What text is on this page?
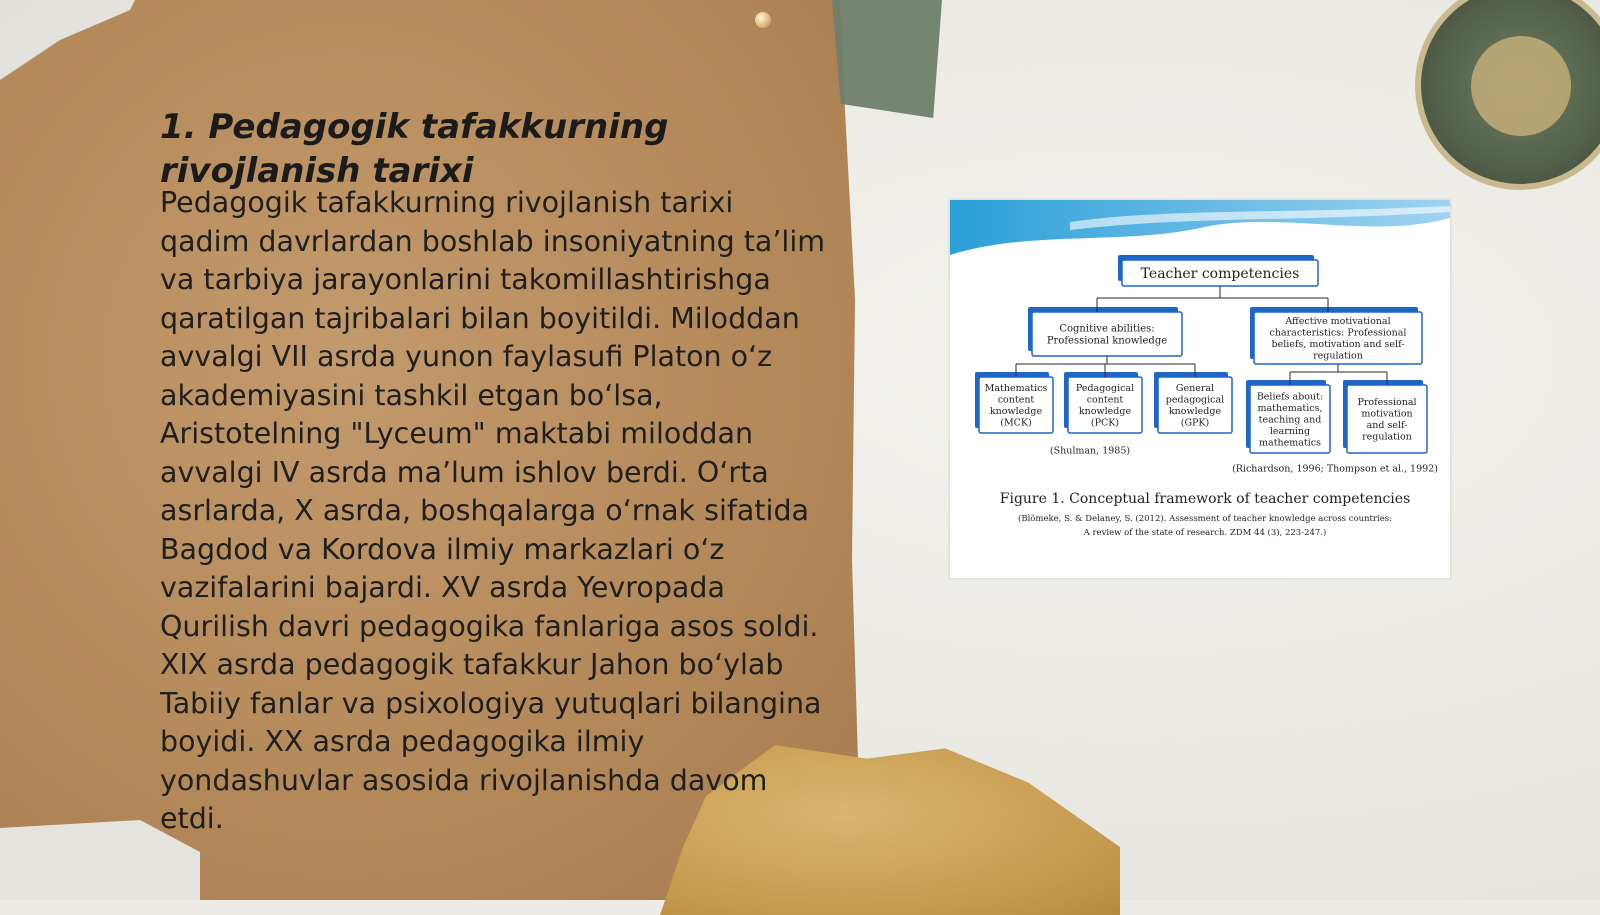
1. Pedagogik tafakkurning rivojlanish tarixi

Pedagogik tafakkurning rivojlanish tarixi qadim davrlardan boshlab insoniyatning ta’lim va tarbiya jarayonlarini takomillashtirishga qaratilgan tajribalari bilan boyitildi. Miloddan avvalgi VII asrda yunon faylasufi Platon o‘z akademiyasini tashkil etgan bo‘lsa, Aristotelning "Lyceum" maktabi miloddan avvalgi IV asrda ma’lum ishlov berdi. O‘rta asrlarda, X asrda, boshqalarga o‘rnak sifatida Bagdod va Kordova ilmiy markazlari o‘z vazifalarini bajardi. XV asrda Yevropada Qurilish davri pedagogika fanlariga asos soldi. XIX asrda pedagogik tafakkur Jahon bo‘ylab Tabiiy fanlar va psixologiya yutuqlari bilangina boyidi. XX asrda pedagogika ilmiy yondashuvlar asosida rivojlanishda davom etdi.

Teacher competencies
Cognitive abilities: Professional knowledge
Affective motivational characteristics: Professional beliefs, motivation and self-regulation
Mathematics content knowledge (MCK)
Pedagogical content knowledge (PCK)
General pedagogical knowledge (GPK)
Beliefs about: mathematics, teaching and learning mathematics
Professional motivation and self-regulation
(Shulman, 1985)
(Richardson, 1996; Thompson et al., 1992)
Figure 1. Conceptual framework of teacher competencies
(Blömeke, S. & Delaney, S. (2012). Assessment of teacher knowledge across countries:
A review of the state of research. ZDM 44 (3), 223-247.)
